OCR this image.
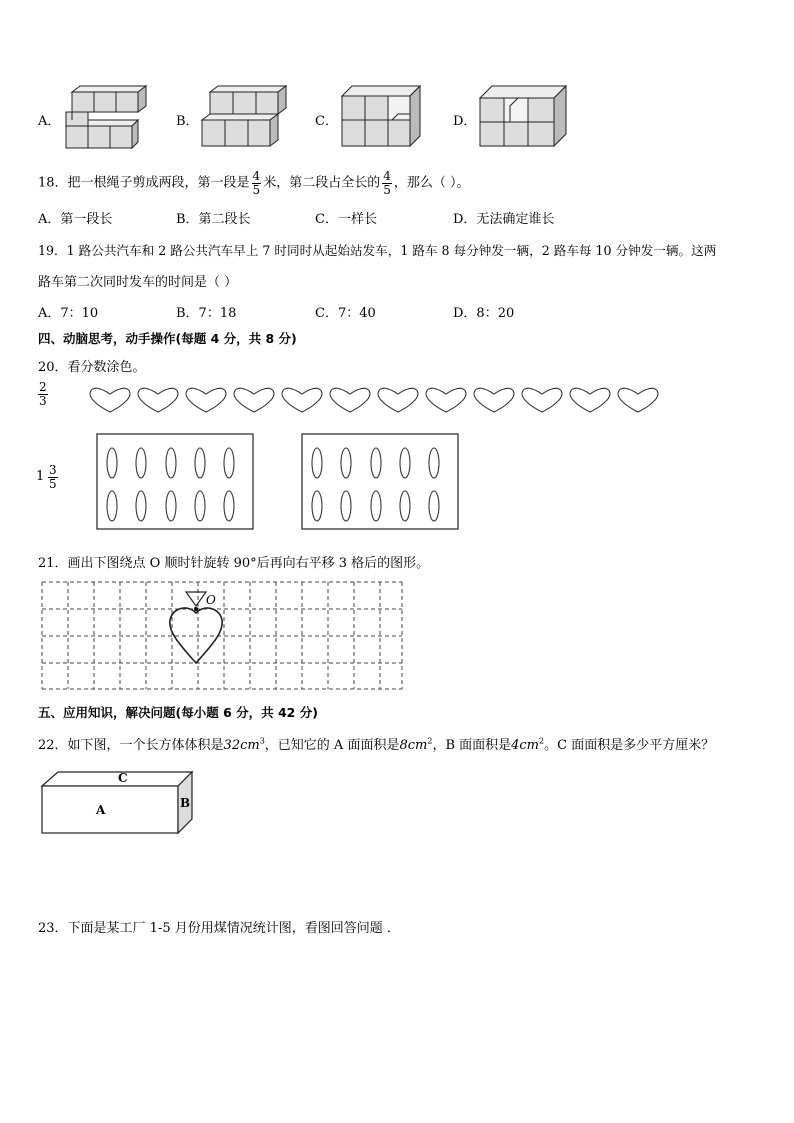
A．	B．	C．	D．
18．把一根绳子剪成两段，第一段是 $\frac{4}{5}$ 米，第二段占全长的 $\frac{4}{5}$ ，那么（ ）。
A．第一段长	B．第二段长	C．一样长	D．无法确定谁长
19．1 路公共汽车和 2 路公共汽车早上 7 时同时从起始站发车，1 路车 8 每分钟发一辆，2 路车每 10 分钟发一辆。这两
路车第二次同时发车的时间是（ ）
A．7：10	B．7：18	C．7：40	D．8：20
四、动脑思考，动手操作(每题 4 分，共 8 分)
20．看分数涂色。
$\frac{2}{3}$
$1 \frac{3}{5}$
21．画出下图绕点 O 顺时针旋转 90°后再向右平移 3 格后的图形。
O
五、应用知识，解决问题(每小题 6 分，共 42 分)
22．如下图，一个长方体体积是$32cm^3$，已知它的 A 面面积是$8cm^2$，B 面面积是$4cm^2$。C 面面积是多少平方厘米？
C
A	B
23．下面是某工厂 1-5 月份用煤情况统计图，看图回答问题 ．
